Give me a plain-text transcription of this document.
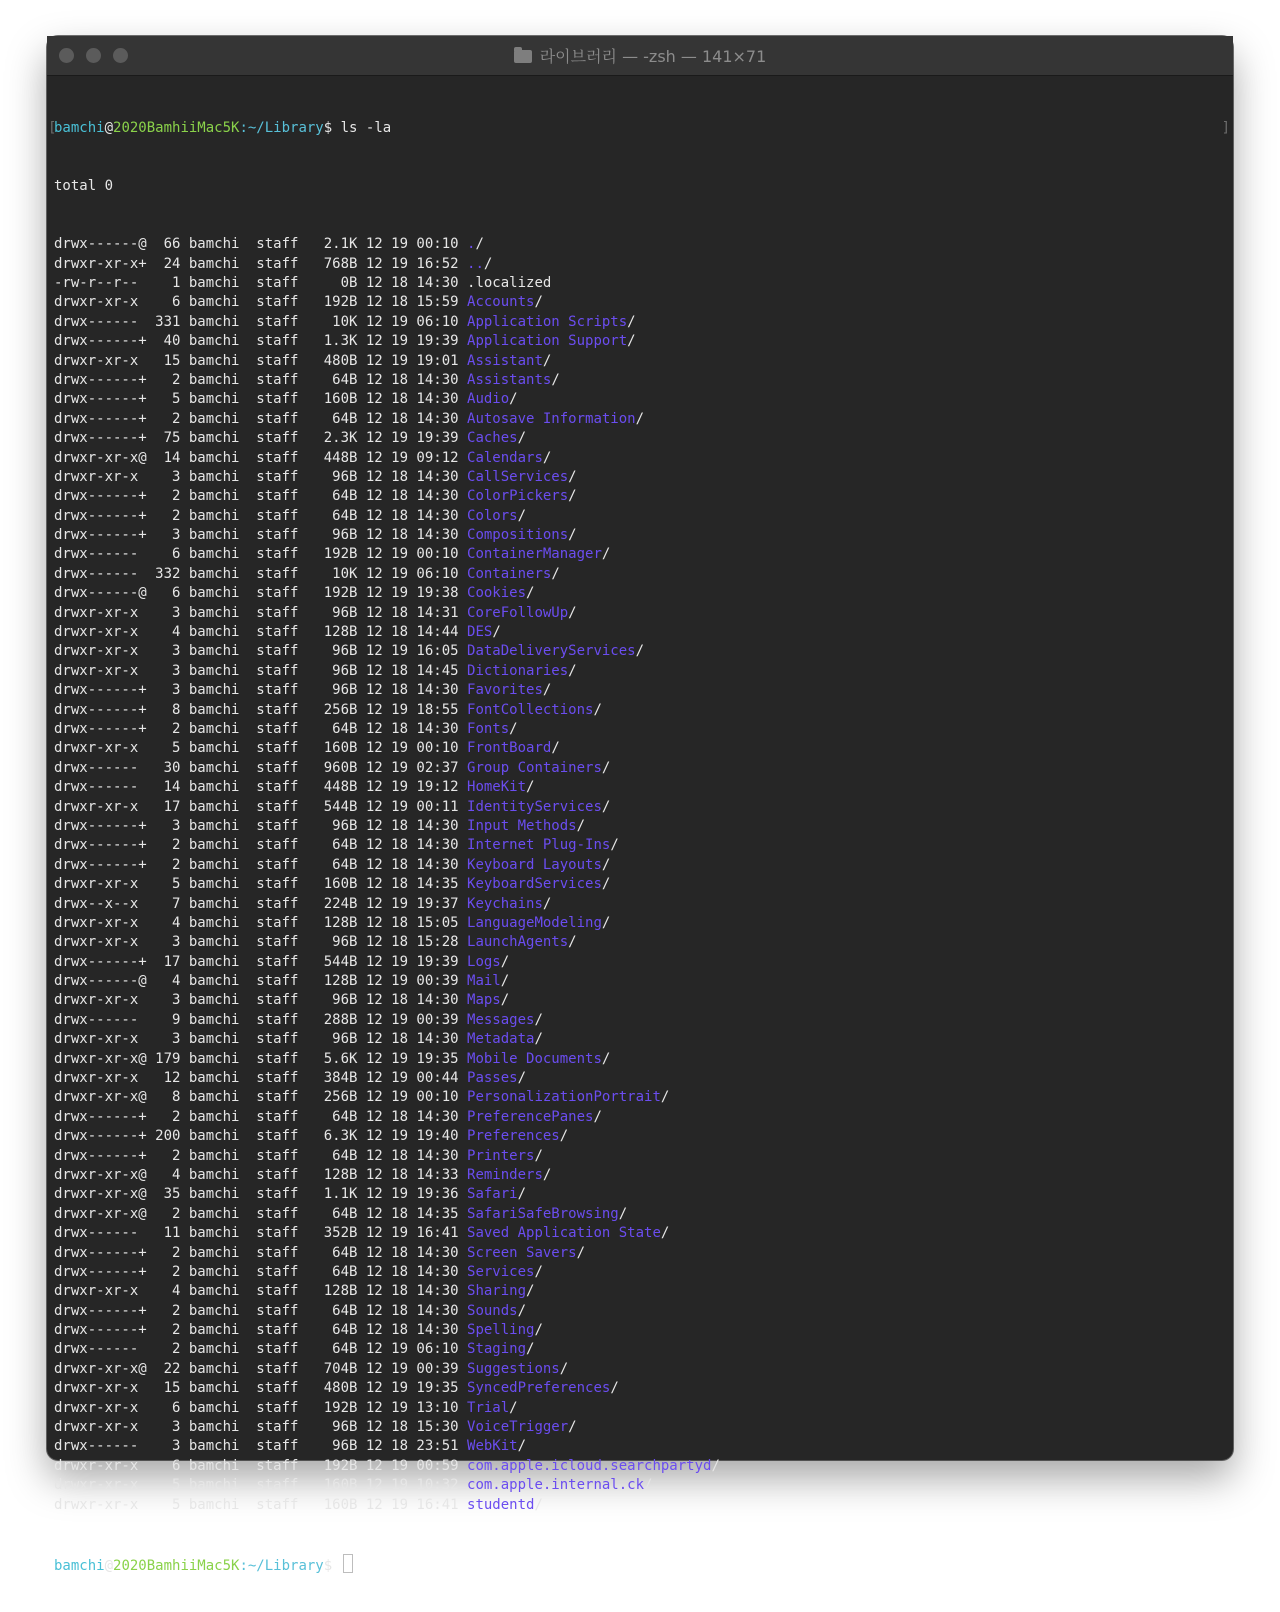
라이브러리 — -zsh — 141×71

[
bamchi@2020BamhiiMac5K:~/Library$ ls -la	]

total 0

drwx------@  66 bamchi  staff   2.1K 12 19 00:10 ./
drwxr-xr-x+  24 bamchi  staff   768B 12 19 16:52 ../
-rw-r--r--    1 bamchi  staff     0B 12 18 14:30 .localized
drwxr-xr-x    6 bamchi  staff   192B 12 18 15:59 Accounts/
drwx------  331 bamchi  staff    10K 12 19 06:10 Application Scripts/
drwx------+  40 bamchi  staff   1.3K 12 19 19:39 Application Support/
drwxr-xr-x   15 bamchi  staff   480B 12 19 19:01 Assistant/
drwx------+   2 bamchi  staff    64B 12 18 14:30 Assistants/
drwx------+   5 bamchi  staff   160B 12 18 14:30 Audio/
drwx------+   2 bamchi  staff    64B 12 18 14:30 Autosave Information/
drwx------+  75 bamchi  staff   2.3K 12 19 19:39 Caches/
drwxr-xr-x@  14 bamchi  staff   448B 12 19 09:12 Calendars/
drwxr-xr-x    3 bamchi  staff    96B 12 18 14:30 CallServices/
drwx------+   2 bamchi  staff    64B 12 18 14:30 ColorPickers/
drwx------+   2 bamchi  staff    64B 12 18 14:30 Colors/
drwx------+   3 bamchi  staff    96B 12 18 14:30 Compositions/
drwx------    6 bamchi  staff   192B 12 19 00:10 ContainerManager/
drwx------  332 bamchi  staff    10K 12 19 06:10 Containers/
drwx------@   6 bamchi  staff   192B 12 19 19:38 Cookies/
drwxr-xr-x    3 bamchi  staff    96B 12 18 14:31 CoreFollowUp/
drwxr-xr-x    4 bamchi  staff   128B 12 18 14:44 DES/
drwxr-xr-x    3 bamchi  staff    96B 12 19 16:05 DataDeliveryServices/
drwxr-xr-x    3 bamchi  staff    96B 12 18 14:45 Dictionaries/
drwx------+   3 bamchi  staff    96B 12 18 14:30 Favorites/
drwx------+   8 bamchi  staff   256B 12 19 18:55 FontCollections/
drwx------+   2 bamchi  staff    64B 12 18 14:30 Fonts/
drwxr-xr-x    5 bamchi  staff   160B 12 19 00:10 FrontBoard/
drwx------   30 bamchi  staff   960B 12 19 02:37 Group Containers/
drwx------   14 bamchi  staff   448B 12 19 19:12 HomeKit/
drwxr-xr-x   17 bamchi  staff   544B 12 19 00:11 IdentityServices/
drwx------+   3 bamchi  staff    96B 12 18 14:30 Input Methods/
drwx------+   2 bamchi  staff    64B 12 18 14:30 Internet Plug-Ins/
drwx------+   2 bamchi  staff    64B 12 18 14:30 Keyboard Layouts/
drwxr-xr-x    5 bamchi  staff   160B 12 18 14:35 KeyboardServices/
drwx--x--x    7 bamchi  staff   224B 12 19 19:37 Keychains/
drwxr-xr-x    4 bamchi  staff   128B 12 18 15:05 LanguageModeling/
drwxr-xr-x    3 bamchi  staff    96B 12 18 15:28 LaunchAgents/
drwx------+  17 bamchi  staff   544B 12 19 19:39 Logs/
drwx------@   4 bamchi  staff   128B 12 19 00:39 Mail/
drwxr-xr-x    3 bamchi  staff    96B 12 18 14:30 Maps/
drwx------    9 bamchi  staff   288B 12 19 00:39 Messages/
drwxr-xr-x    3 bamchi  staff    96B 12 18 14:30 Metadata/
drwxr-xr-x@ 179 bamchi  staff   5.6K 12 19 19:35 Mobile Documents/
drwxr-xr-x   12 bamchi  staff   384B 12 19 00:44 Passes/
drwxr-xr-x@   8 bamchi  staff   256B 12 19 00:10 PersonalizationPortrait/
drwx------+   2 bamchi  staff    64B 12 18 14:30 PreferencePanes/
drwx------+ 200 bamchi  staff   6.3K 12 19 19:40 Preferences/
drwx------+   2 bamchi  staff    64B 12 18 14:30 Printers/
drwxr-xr-x@   4 bamchi  staff   128B 12 18 14:33 Reminders/
drwxr-xr-x@  35 bamchi  staff   1.1K 12 19 19:36 Safari/
drwxr-xr-x@   2 bamchi  staff    64B 12 18 14:35 SafariSafeBrowsing/
drwx------   11 bamchi  staff   352B 12 19 16:41 Saved Application State/
drwx------+   2 bamchi  staff    64B 12 18 14:30 Screen Savers/
drwx------+   2 bamchi  staff    64B 12 18 14:30 Services/
drwxr-xr-x    4 bamchi  staff   128B 12 18 14:30 Sharing/
drwx------+   2 bamchi  staff    64B 12 18 14:30 Sounds/
drwx------+   2 bamchi  staff    64B 12 18 14:30 Spelling/
drwx------    2 bamchi  staff    64B 12 19 06:10 Staging/
drwxr-xr-x@  22 bamchi  staff   704B 12 19 00:39 Suggestions/
drwxr-xr-x   15 bamchi  staff   480B 12 19 19:35 SyncedPreferences/
drwxr-xr-x    6 bamchi  staff   192B 12 19 13:10 Trial/
drwxr-xr-x    3 bamchi  staff    96B 12 18 15:30 VoiceTrigger/
drwx------    3 bamchi  staff    96B 12 18 23:51 WebKit/
drwxr-xr-x    6 bamchi  staff   192B 12 19 00:59 com.apple.icloud.searchpartyd/
drwxr-xr-x    5 bamchi  staff   160B 12 19 10:32 com.apple.internal.ck/
drwxr-xr-x    5 bamchi  staff   160B 12 19 16:41 studentd/

bamchi@2020BamhiiMac5K:~/Library$
